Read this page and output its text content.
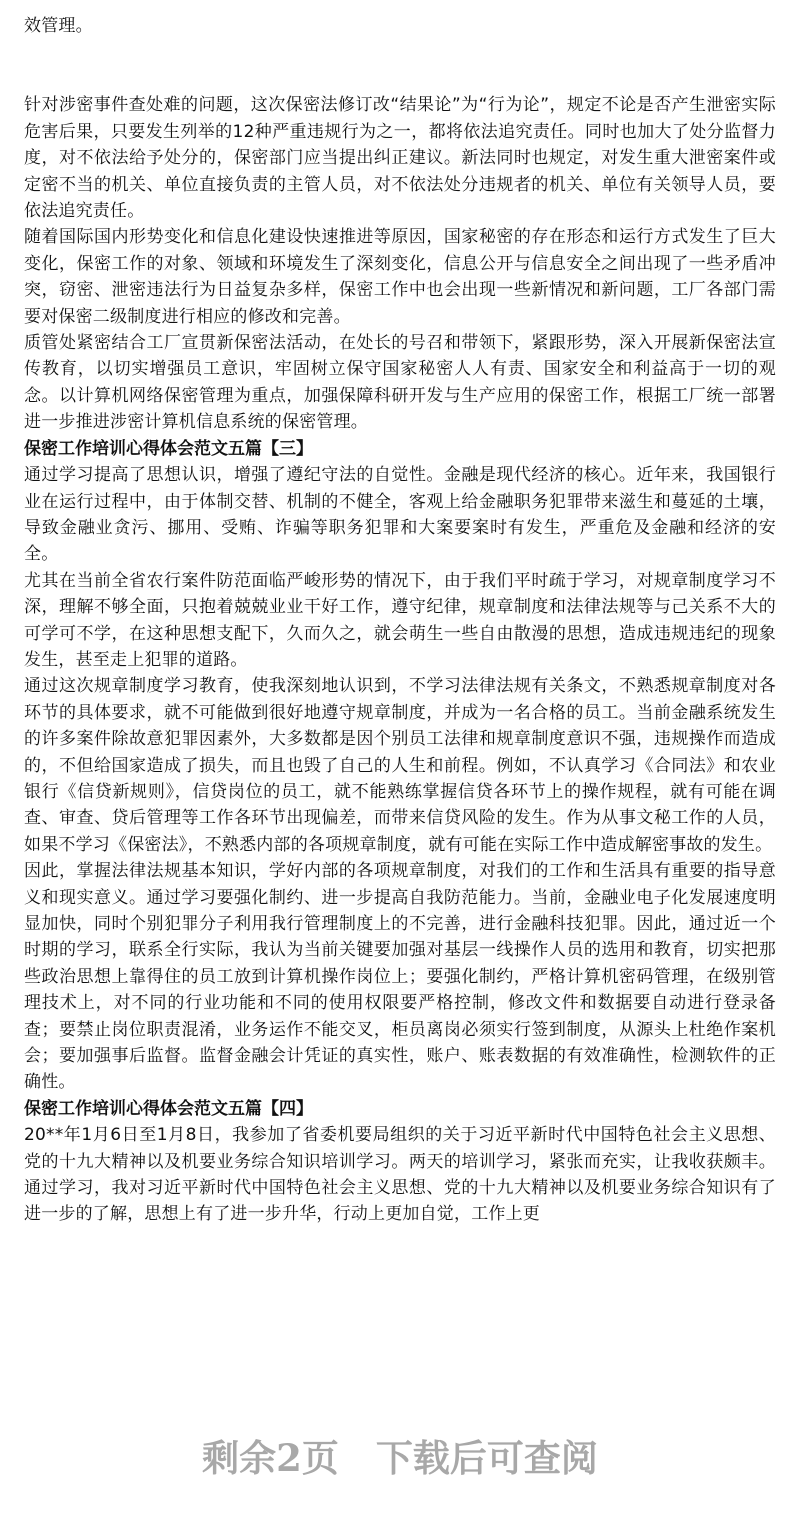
效管理。

针对涉密事件查处难的问题，这次保密法修订改“结果论”为“行为论”，规定不论是否产生泄密实际危害后果，只要发生列举的12种严重违规行为之一，都将依法追究责任。同时也加大了处分监督力度，对不依法给予处分的，保密部门应当提出纠正建议。新法同时也规定，对发生重大泄密案件或定密不当的机关、单位直接负责的主管人员，对不依法处分违规者的机关、单位有关领导人员，要依法追究责任。

随着国际国内形势变化和信息化建设快速推进等原因，国家秘密的存在形态和运行方式发生了巨大变化，保密工作的对象、领域和环境发生了深刻变化，信息公开与信息安全之间出现了一些矛盾冲突，窃密、泄密违法行为日益复杂多样，保密工作中也会出现一些新情况和新问题，工厂各部门需要对保密二级制度进行相应的修改和完善。

质管处紧密结合工厂宣贯新保密法活动，在处长的号召和带领下，紧跟形势，深入开展新保密法宣传教育，以切实增强员工意识，牢固树立保守国家秘密人人有责、国家安全和利益高于一切的观念。以计算机网络保密管理为重点，加强保障科研开发与生产应用的保密工作，根据工厂统一部署进一步推进涉密计算机信息系统的保密管理。

保密工作培训心得体会范文五篇【三】

通过学习提高了思想认识，增强了遵纪守法的自觉性。金融是现代经济的核心。近年来，我国银行业在运行过程中，由于体制交替、机制的不健全，客观上给金融职务犯罪带来滋生和蔓延的土壤，导致金融业贪污、挪用、受贿、诈骗等职务犯罪和大案要案时有发生，严重危及金融和经济的安全。

尤其在当前全省农行案件防范面临严峻形势的情况下，由于我们平时疏于学习，对规章制度学习不深，理解不够全面，只抱着兢兢业业干好工作，遵守纪律，规章制度和法律法规等与己关系不大的可学可不学，在这种思想支配下，久而久之，就会萌生一些自由散漫的思想，造成违规违纪的现象发生，甚至走上犯罪的道路。

通过这次规章制度学习教育，使我深刻地认识到，不学习法律法规有关条文，不熟悉规章制度对各环节的具体要求，就不可能做到很好地遵守规章制度，并成为一名合格的员工。当前金融系统发生的许多案件除故意犯罪因素外，大多数都是因个别员工法律和规章制度意识不强，违规操作而造成的，不但给国家造成了损失，而且也毁了自己的人生和前程。例如，不认真学习《合同法》和农业银行《信贷新规则》，信贷岗位的员工，就不能熟练掌握信贷各环节上的操作规程，就有可能在调查、审查、贷后管理等工作各环节出现偏差，而带来信贷风险的发生。作为从事文秘工作的人员，如果不学习《保密法》，不熟悉内部的各项规章制度，就有可能在实际工作中造成解密事故的发生。

因此，掌握法律法规基本知识，学好内部的各项规章制度，对我们的工作和生活具有重要的指导意义和现实意义。通过学习要强化制约、进一步提高自我防范能力。当前，金融业电子化发展速度明显加快，同时个别犯罪分子利用我行管理制度上的不完善，进行金融科技犯罪。因此，通过近一个时期的学习，联系全行实际，我认为当前关键要加强对基层一线操作人员的选用和教育，切实把那些政治思想上靠得住的员工放到计算机操作岗位上；要强化制约，严格计算机密码管理，在级别管理技术上，对不同的行业功能和不同的使用权限要严格控制，修改文件和数据要自动进行登录备查；要禁止岗位职责混淆，业务运作不能交叉，柜员离岗必须实行签到制度，从源头上杜绝作案机会；要加强事后监督。监督金融会计凭证的真实性，账户、账表数据的有效准确性，检测软件的正确性。

保密工作培训心得体会范文五篇【四】

20**年1月6日至1月8日，我参加了省委机要局组织的关于习近平新时代中国特色社会主义思想、党的十九大精神以及机要业务综合知识培训学习。两天的培训学习，紧张而充实，让我收获颇丰。通过学习，我对习近平新时代中国特色社会主义思想、党的十九大精神以及机要业务综合知识有了进一步的了解，思想上有了进一步升华，行动上更加自觉，工作上更

剩余2页　下载后可查阅
